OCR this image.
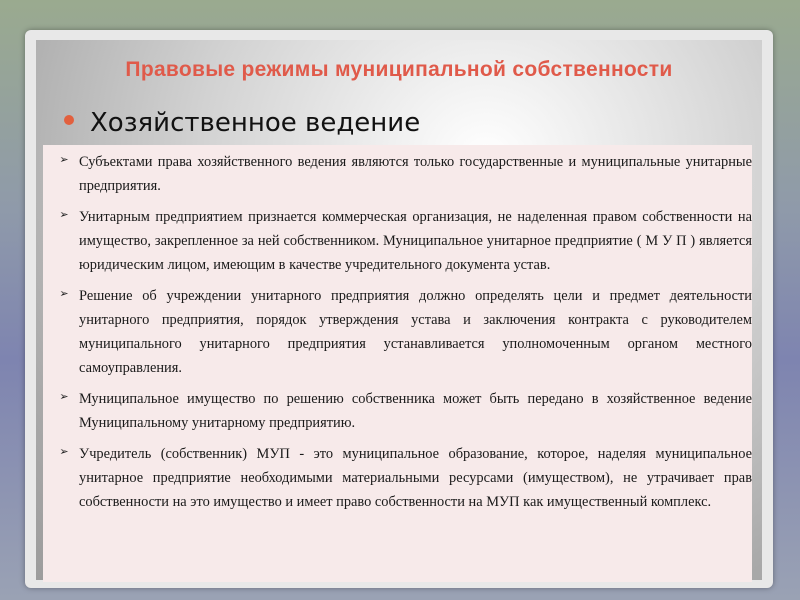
Правовые режимы муниципальной собственности
Хозяйственное ведение
➢ Субъектами права хозяйственного ведения являются только государственные и муниципальные унитарные предприятия.
➢ Унитарным предприятием признается коммерческая организация, не наделенная правом собственности на имущество, закрепленное за ней собственником. Муниципальное унитарное предприятие ( М У П ) является юридическим лицом, имеющим в качестве учредительного документа устав.
➢ Решение об учреждении унитарного предприятия должно определять цели и предмет деятельности унитарного предприятия, порядок утверждения устава и заключения контракта с руководителем муниципального унитарного предприятия устанавливается уполномоченным органом местного самоуправления.
➢ Муниципальное имущество по решению собственника может быть передано в хозяйственное ведение Муниципальному унитарному предприятию.
➢ Учредитель (собственник) МУП - это муниципальное образование, которое, наделяя муниципальное унитарное предприятие необходимыми материальными ресурсами (имуществом), не утрачивает прав собственности на это имущество и имеет право собственности на МУП как имущественный комплекс.
